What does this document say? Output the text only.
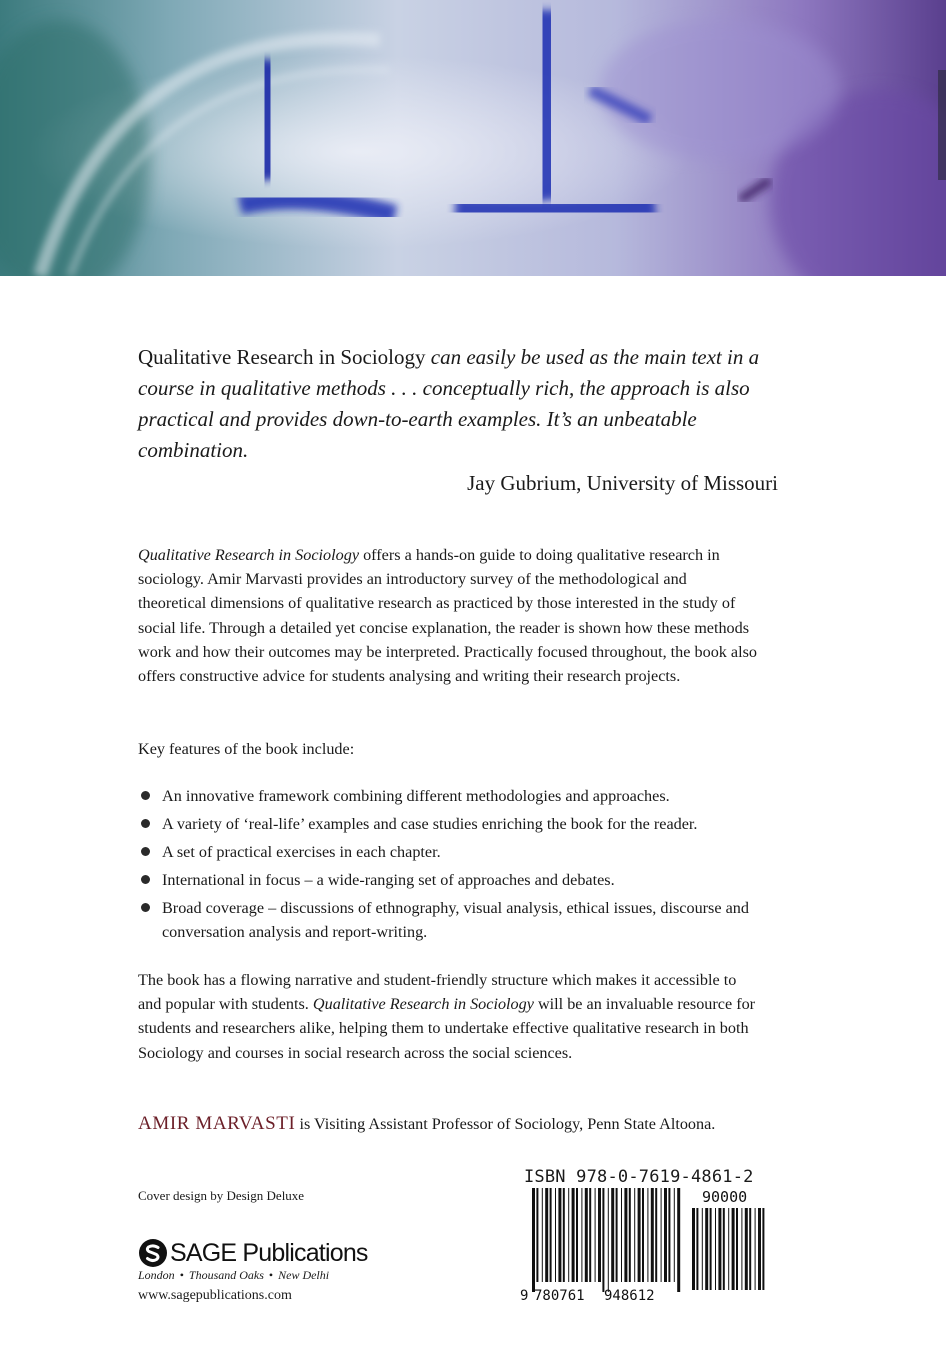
Qualitative Research in Sociology can easily be used as the main text in a course in qualitative methods . . . conceptually rich, the approach is also practical and provides down-to-earth examples. It’s an unbeatable combination.

Jay Gubrium, University of Missouri

Qualitative Research in Sociology offers a hands-on guide to doing qualitative research in sociology. Amir Marvasti provides an introductory survey of the methodological and theoretical dimensions of qualitative research as practiced by those interested in the study of social life. Through a detailed yet concise explanation, the reader is shown how these methods work and how their outcomes may be interpreted. Practically focused throughout, the book also offers constructive advice for students analysing and writing their research projects.

Key features of the book include:

An innovative framework combining different methodologies and approaches.
A variety of ‘real-life’ examples and case studies enriching the book for the reader.
A set of practical exercises in each chapter.
International in focus – a wide-ranging set of approaches and debates.
Broad coverage – discussions of ethnography, visual analysis, ethical issues, discourse and conversation analysis and report-writing.

The book has a flowing narrative and student-friendly structure which makes it accessible to and popular with students. Qualitative Research in Sociology will be an invaluable resource for students and researchers alike, helping them to undertake effective qualitative research in both Sociology and courses in social research across the social sciences.

AMIR MARVASTI is Visiting Assistant Professor of Sociology, Penn State Altoona.

Cover design by Design Deluxe

SAGE Publications

London • Thousand Oaks • New Delhi

www.sagepublications.com

ISBN 978-0-7619-4861-2

9 780761 948612
90000
